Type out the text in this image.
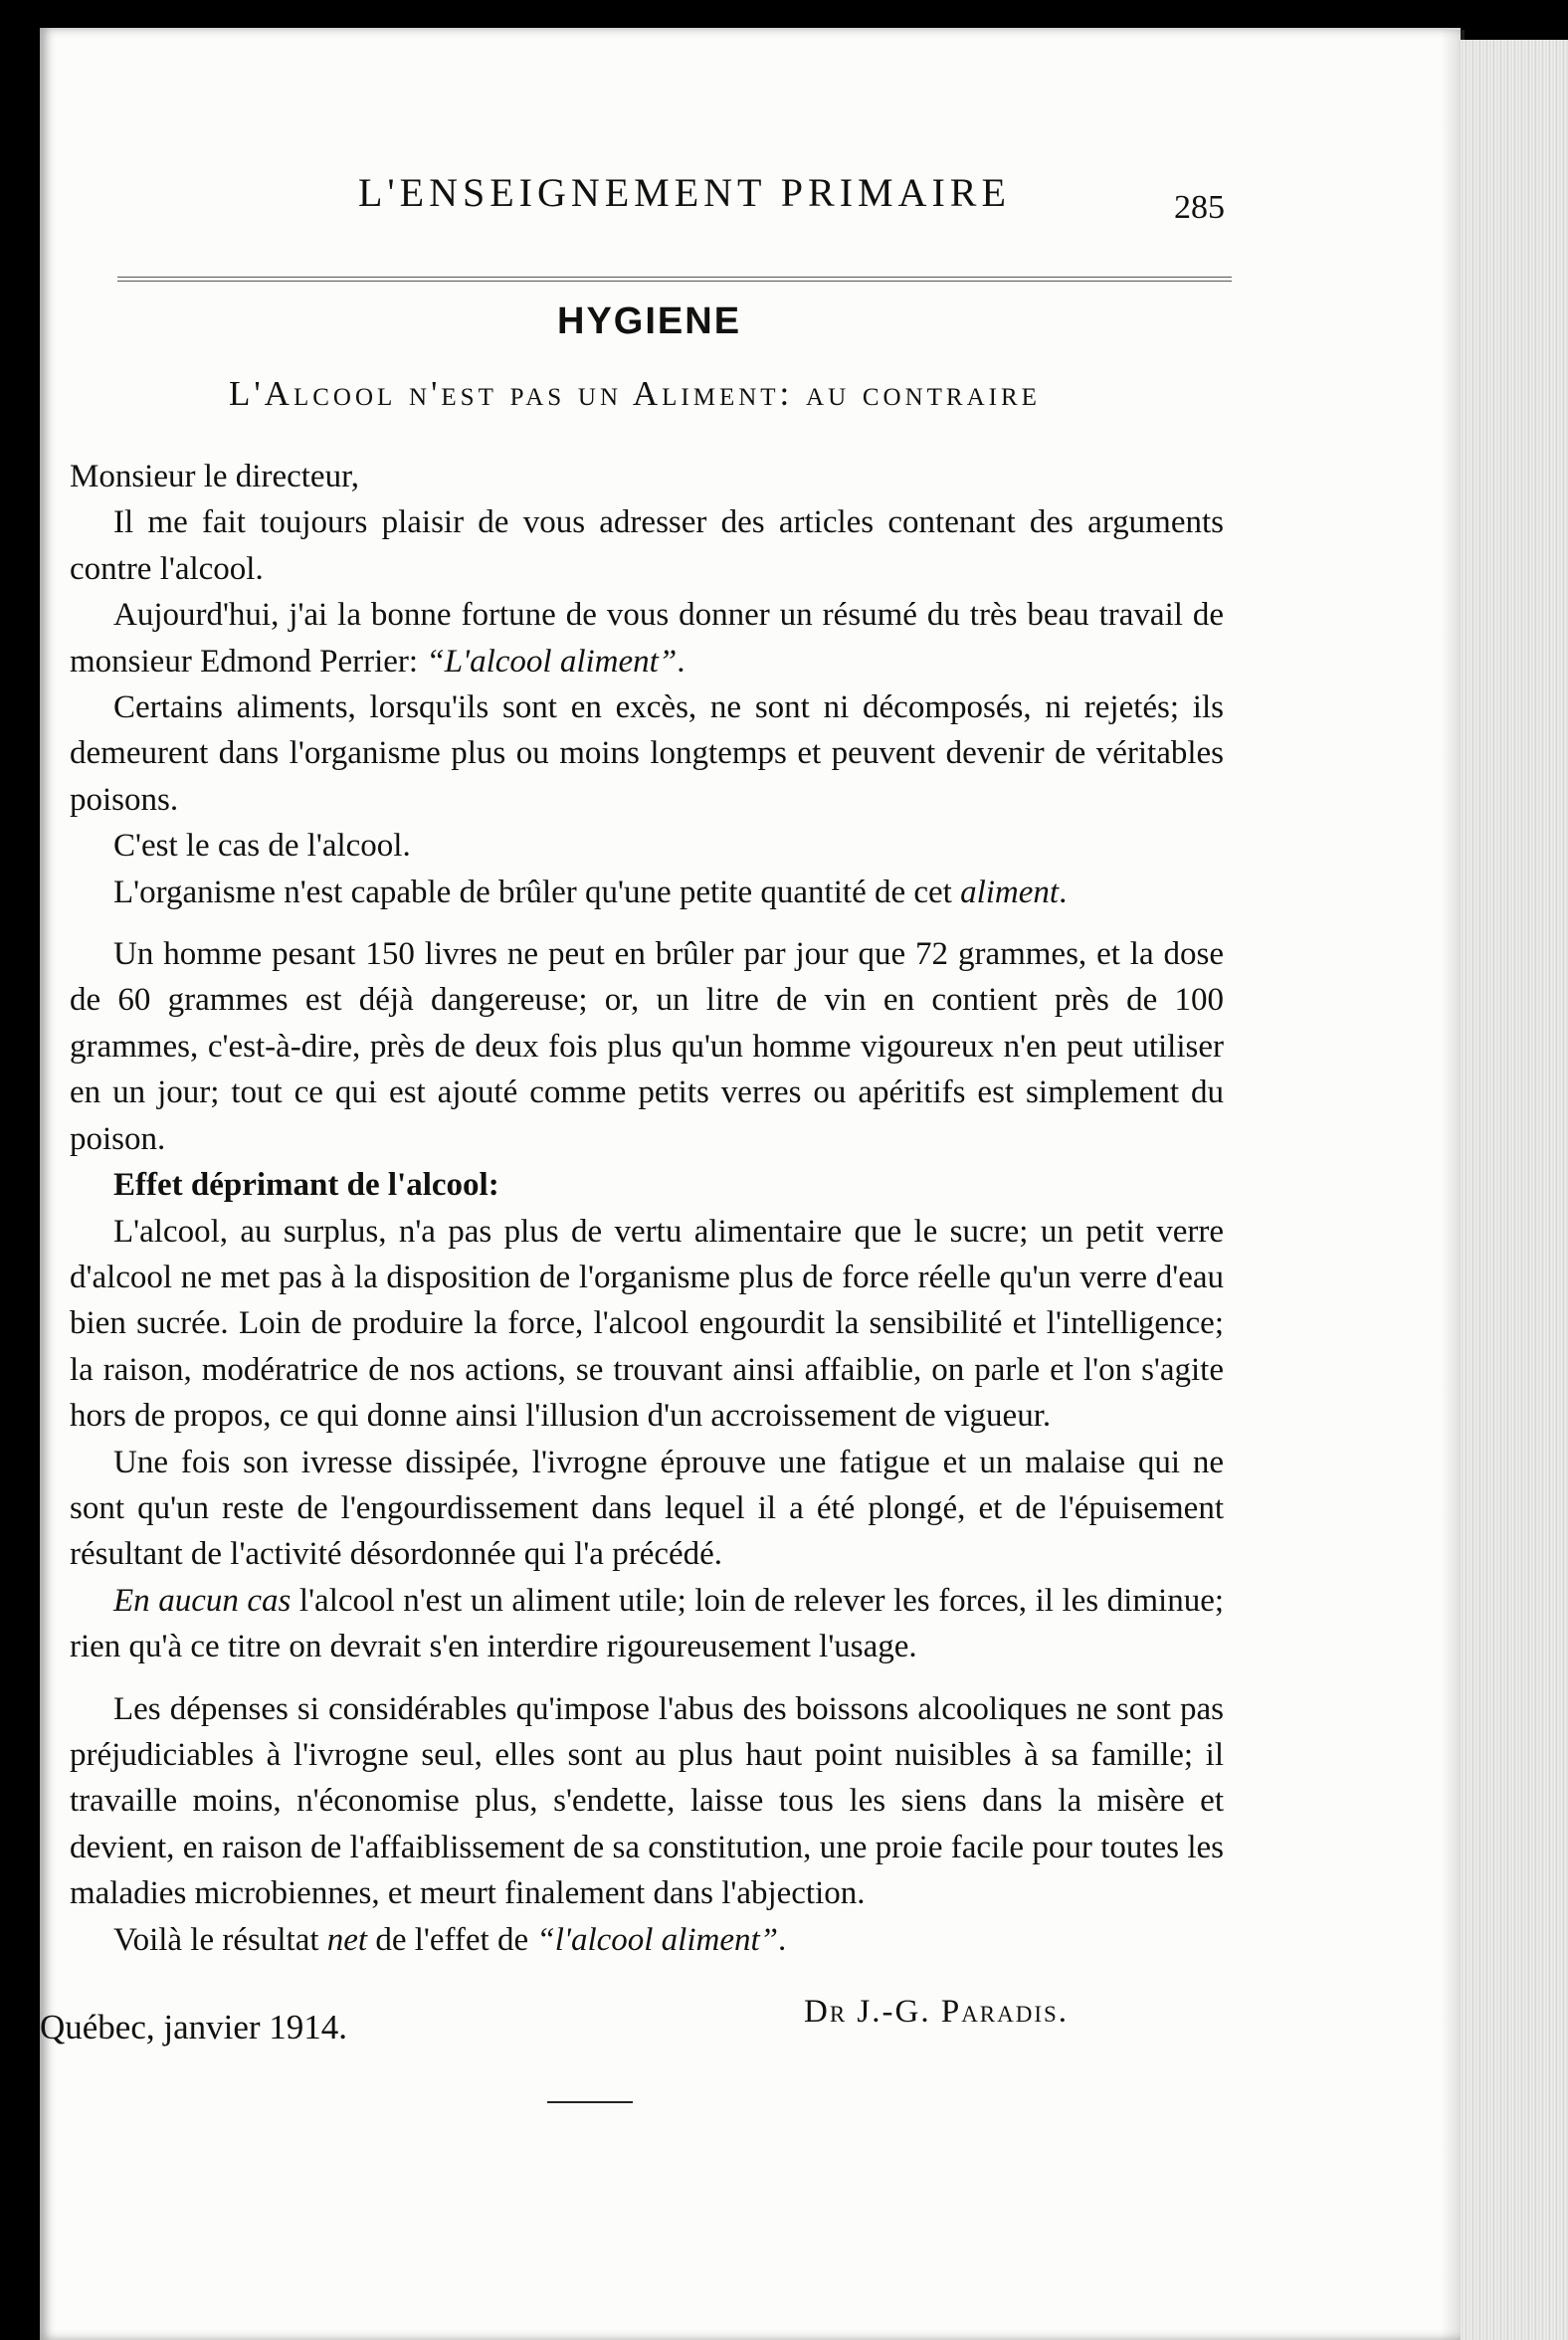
L'ENSEIGNEMENT PRIMAIRE	285
HYGIENE
L'Alcool n'est pas un Aliment: au contraire

Monsieur le directeur,

Il me fait toujours plaisir de vous adresser des articles contenant des arguments contre l'alcool.

Aujourd'hui, j'ai la bonne fortune de vous donner un résumé du très beau travail de monsieur Edmond Perrier: “L'alcool aliment”.

Certains aliments, lorsqu'ils sont en excès, ne sont ni décomposés, ni rejetés; ils demeurent dans l'organisme plus ou moins longtemps et peuvent devenir de véritables poisons.

C'est le cas de l'alcool.

L'organisme n'est capable de brûler qu'une petite quantité de cet aliment.

Un homme pesant 150 livres ne peut en brûler par jour que 72 grammes, et la dose de 60 grammes est déjà dangereuse; or, un litre de vin en contient près de 100 grammes, c'est-à-dire, près de deux fois plus qu'un homme vigoureux n'en peut utiliser en un jour; tout ce qui est ajouté comme petits verres ou apéritifs est simplement du poison.

Effet déprimant de l'alcool:

L'alcool, au surplus, n'a pas plus de vertu alimentaire que le sucre; un petit verre d'alcool ne met pas à la disposition de l'organisme plus de force réelle qu'un verre d'eau bien sucrée. Loin de produire la force, l'alcool engourdit la sensibilité et l'intelligence; la raison, modératrice de nos actions, se trouvant ainsi affaiblie, on parle et l'on s'agite hors de propos, ce qui donne ainsi l'illusion d'un accroissement de vigueur.

Une fois son ivresse dissipée, l'ivrogne éprouve une fatigue et un malaise qui ne sont qu'un reste de l'engourdissement dans lequel il a été plongé, et de l'épuisement résultant de l'activité désordonnée qui l'a précédé.

En aucun cas l'alcool n'est un aliment utile; loin de relever les forces, il les diminue; rien qu'à ce titre on devrait s'en interdire rigoureusement l'usage.

Les dépenses si considérables qu'impose l'abus des boissons alcooliques ne sont pas préjudiciables à l'ivrogne seul, elles sont au plus haut point nuisibles à sa famille; il travaille moins, n'économise plus, s'endette, laisse tous les siens dans la misère et devient, en raison de l'affaiblissement de sa constitution, une proie facile pour toutes les maladies microbiennes, et meurt finalement dans l'abjection.

Voilà le résultat net de l'effet de “l'alcool aliment”.

Québec, janvier 1914.	Dr J.-G. Paradis.
